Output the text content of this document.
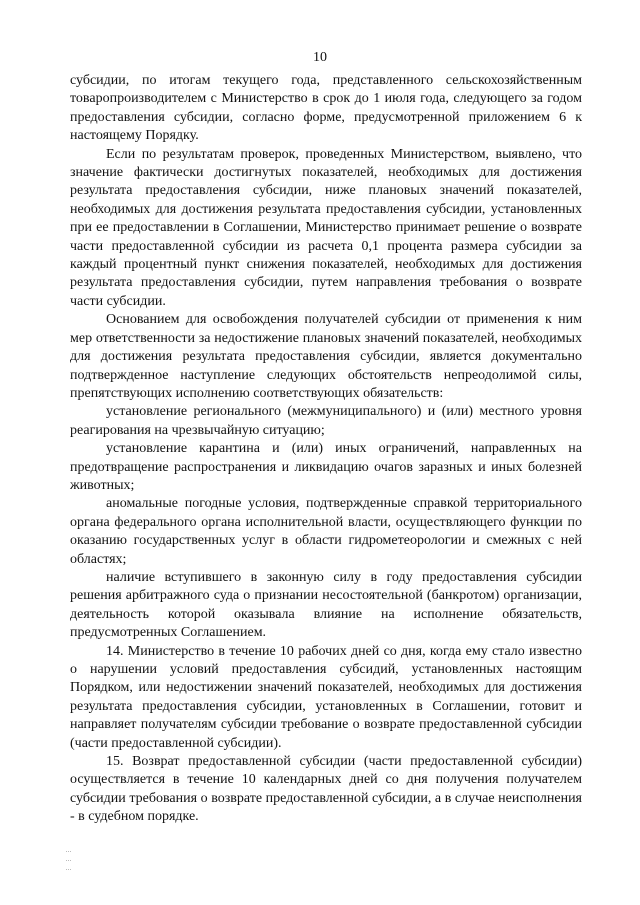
10

субсидии, по итогам текущего года, представленного сельскохозяйственным товаропроизводителем с Министерство в срок до 1 июля года, следующего за годом предоставления субсидии, согласно форме, предусмотренной приложением 6 к настоящему Порядку.

Если по результатам проверок, проведенных Министерством, выявлено, что значение фактически достигнутых показателей, необходимых для достижения результата предоставления субсидии, ниже плановых значений показателей, необходимых для достижения результата предоставления субсидии, установленных при ее предоставлении в Соглашении, Министерство принимает решение о возврате части предоставленной субсидии из расчета 0,1 процента размера субсидии за каждый процентный пункт снижения показателей, необходимых для достижения результата предоставления субсидии, путем направления требования о возврате части субсидии.

Основанием для освобождения получателей субсидии от применения к ним мер ответственности за недостижение плановых значений показателей, необходимых для достижения результата предоставления субсидии, является документально подтвержденное наступление следующих обстоятельств непреодолимой силы, препятствующих исполнению соответствующих обязательств:

установление регионального (межмуниципального) и (или) местного уровня реагирования на чрезвычайную ситуацию;

установление карантина и (или) иных ограничений, направленных на предотвращение распространения и ликвидацию очагов заразных и иных болезней животных;

аномальные погодные условия, подтвержденные справкой территориального органа федерального органа исполнительной власти, осуществляющего функции по оказанию государственных услуг в области гидрометеорологии и смежных с ней областях;

наличие вступившего в законную силу в году предоставления субсидии решения арбитражного суда о признании несостоятельной (банкротом) организации, деятельность которой оказывала влияние на исполнение обязательств, предусмотренных Соглашением.

14. Министерство в течение 10 рабочих дней со дня, когда ему стало известно о нарушении условий предоставления субсидий, установленных настоящим Порядком, или недостижении значений показателей, необходимых для достижения результата предоставления субсидии, установленных в Соглашении, готовит и направляет получателям субсидии требование о возврате предоставленной субсидии (части предоставленной субсидии).

15. Возврат предоставленной субсидии (части предоставленной субсидии) осуществляется в течение 10 календарных дней со дня получения получателем субсидии требования о возврате предоставленной субсидии, а в случае неисполнения - в судебном порядке.
